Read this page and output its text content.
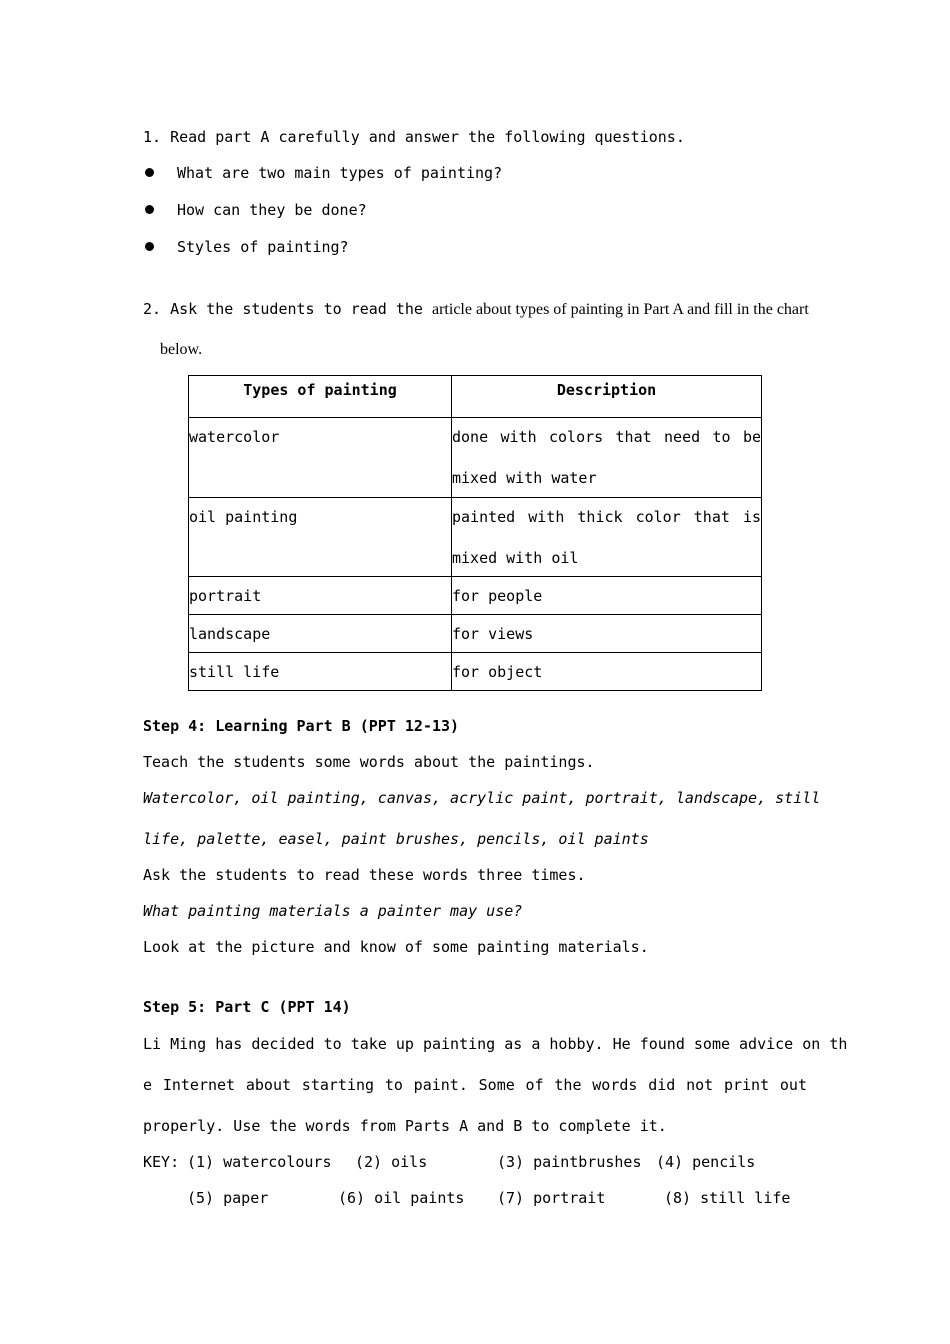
1. Read part A carefully and answer the following questions.
What are two main types of painting?
How can they be done?
Styles of painting?
2. Ask the students to read the article about types of painting in Part A and fill in the chart
below.
Types of painting	Description
watercolor	done with colors that need to be
mixed with water

oil painting	painted with thick color that is
mixed with oil

portrait	for people
landscape	for views
still life	for object
Step 4: Learning Part B (PPT 12-13)
Teach the students some words about the paintings.
Watercolor, oil painting, canvas, acrylic paint, portrait, landscape, still
life, palette, easel, paint brushes, pencils, oil paints
Ask the students to read these words three times.
What painting materials a painter may use?
Look at the picture and know of some painting materials.
Step 5: Part C (PPT 14)
Li Ming has decided to take up painting as a hobby. He found some advice on th
e Internet about starting to paint. Some of the words did not print out
properly. Use the words from Parts A and B to complete it.
KEY: (1) watercolours (2) oils	(3) paintbrushes (4) pencils
(5) paper	(6) oil paints (7) portrait	(8) still life
